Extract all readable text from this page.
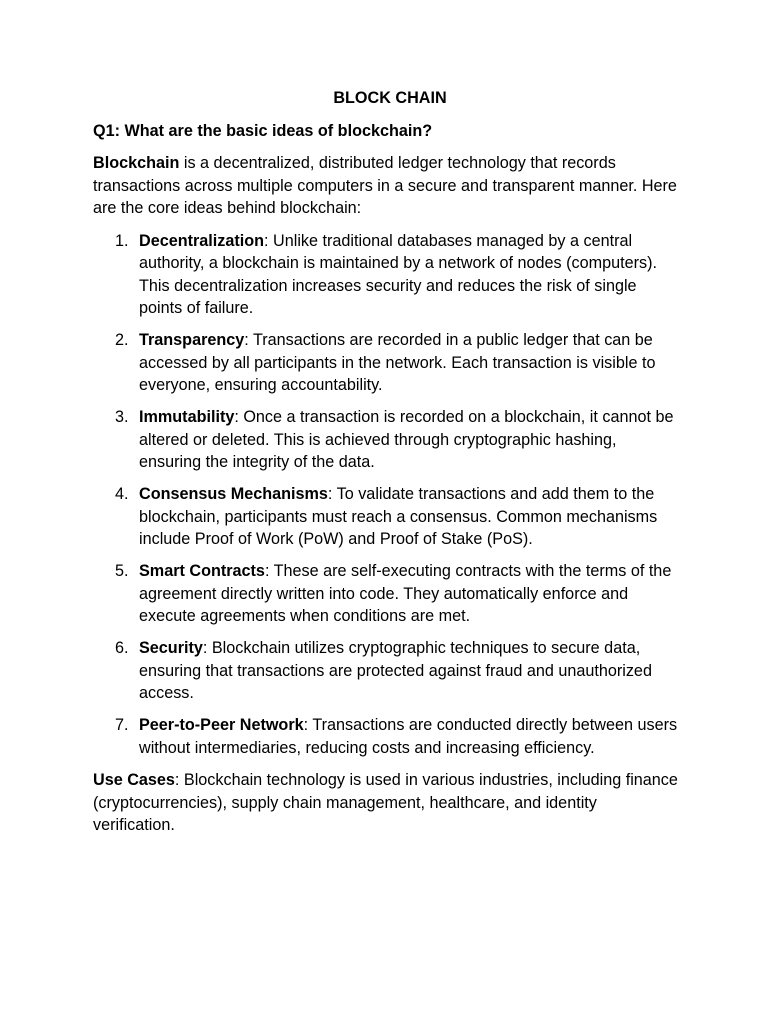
BLOCK CHAIN
Q1: What are the basic ideas of blockchain?

Blockchain is a decentralized, distributed ledger technology that records transactions across multiple computers in a secure and transparent manner. Here are the core ideas behind blockchain:

1. Decentralization: Unlike traditional databases managed by a central authority, a blockchain is maintained by a network of nodes (computers). This decentralization increases security and reduces the risk of single points of failure.
2. Transparency: Transactions are recorded in a public ledger that can be accessed by all participants in the network. Each transaction is visible to everyone, ensuring accountability.
3. Immutability: Once a transaction is recorded on a blockchain, it cannot be altered or deleted. This is achieved through cryptographic hashing, ensuring the integrity of the data.
4. Consensus Mechanisms: To validate transactions and add them to the blockchain, participants must reach a consensus. Common mechanisms include Proof of Work (PoW) and Proof of Stake (PoS).
5. Smart Contracts: These are self-executing contracts with the terms of the agreement directly written into code. They automatically enforce and execute agreements when conditions are met.
6. Security: Blockchain utilizes cryptographic techniques to secure data, ensuring that transactions are protected against fraud and unauthorized access.
7. Peer-to-Peer Network: Transactions are conducted directly between users without intermediaries, reducing costs and increasing efficiency.

Use Cases: Blockchain technology is used in various industries, including finance (cryptocurrencies), supply chain management, healthcare, and identity verification.
